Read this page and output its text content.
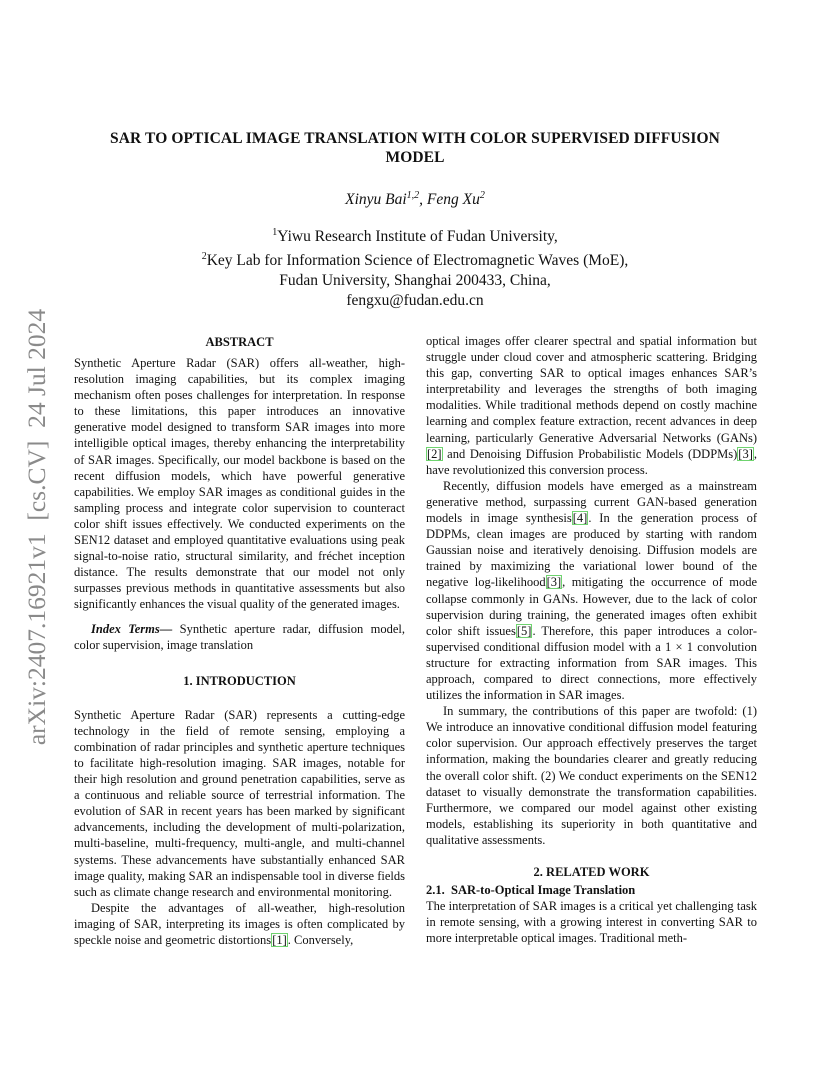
arXiv:2407.16921v1  [cs.CV]  24 Jul 2024
SAR TO OPTICAL IMAGE TRANSLATION WITH COLOR SUPERVISED DIFFUSION
MODEL
Xinyu Bai$^{1,2}$, Feng Xu$^2$
$^1$Yiwu Research Institute of Fudan University,
$^2$Key Lab for Information Science of Electromagnetic Waves (MoE),
Fudan University, Shanghai 200433, China,
fengxu@fudan.edu.cn
ABSTRACT

Synthetic Aperture Radar (SAR) offers all-weather, high-resolution imaging capabilities, but its complex imaging mechanism often poses challenges for interpretation. In response to these limitations, this paper introduces an innovative generative model designed to transform SAR images into more intelligible optical images, thereby enhancing the interpretability of SAR images. Specifically, our model backbone is based on the recent diffusion models, which have powerful generative capabilities. We employ SAR images as conditional guides in the sampling process and integrate color supervision to counteract color shift issues effectively. We conducted experiments on the SEN12 dataset and employed quantitative evaluations using peak signal-to-noise ratio, structural similarity, and fréchet inception distance. The results demonstrate that our model not only surpasses previous methods in quantitative assessments but also significantly enhances the visual quality of the generated images.

Index Terms— Synthetic aperture radar, diffusion model, color supervision, image translation

1. INTRODUCTION

Synthetic Aperture Radar (SAR) represents a cutting-edge technology in the field of remote sensing, employing a combination of radar principles and synthetic aperture techniques to facilitate high-resolution imaging. SAR images, notable for their high resolution and ground penetration capabilities, serve as a continuous and reliable source of terrestrial information. The evolution of SAR in recent years has been marked by significant advancements, including the development of multi-polarization, multi-baseline, multi-frequency, multi-angle, and multi-channel systems. These advancements have substantially enhanced SAR image quality, making SAR an indispensable tool in diverse fields such as climate change research and environmental monitoring.

Despite the advantages of all-weather, high-resolution imaging of SAR, interpreting its images is often complicated by speckle noise and geometric distortions[1]. Conversely,

optical images offer clearer spectral and spatial information but struggle under cloud cover and atmospheric scattering. Bridging this gap, converting SAR to optical images enhances SAR’s interpretability and leverages the strengths of both imaging modalities. While traditional methods depend on costly machine learning and complex feature extraction, recent advances in deep learning, particularly Generative Adversarial Networks (GANs)[2] and Denoising Diffusion Probabilistic Models (DDPMs)[3], have revolutionized this conversion process.

Recently, diffusion models have emerged as a mainstream generative method, surpassing current GAN-based generation models in image synthesis[4]. In the generation process of DDPMs, clean images are produced by starting with random Gaussian noise and iteratively denoising. Diffusion models are trained by maximizing the variational lower bound of the negative log-likelihood[3], mitigating the occurrence of mode collapse commonly in GANs. However, due to the lack of color supervision during training, the generated images often exhibit color shift issues[5]. Therefore, this paper introduces a color-supervised conditional diffusion model with a 1 × 1 convolution structure for extracting information from SAR images. This approach, compared to direct connections, more effectively utilizes the information in SAR images.

In summary, the contributions of this paper are twofold: (1) We introduce an innovative conditional diffusion model featuring color supervision. Our approach effectively preserves the target information, making the boundaries clearer and greatly reducing the overall color shift. (2) We conduct experiments on the SEN12 dataset to visually demonstrate the transformation capabilities. Furthermore, we compared our model against other existing models, establishing its superiority in both quantitative and qualitative assessments.

2. RELATED WORK
2.1.  SAR-to-Optical Image Translation

The interpretation of SAR images is a critical yet challenging task in remote sensing, with a growing interest in converting SAR to more interpretable optical images. Traditional meth-
